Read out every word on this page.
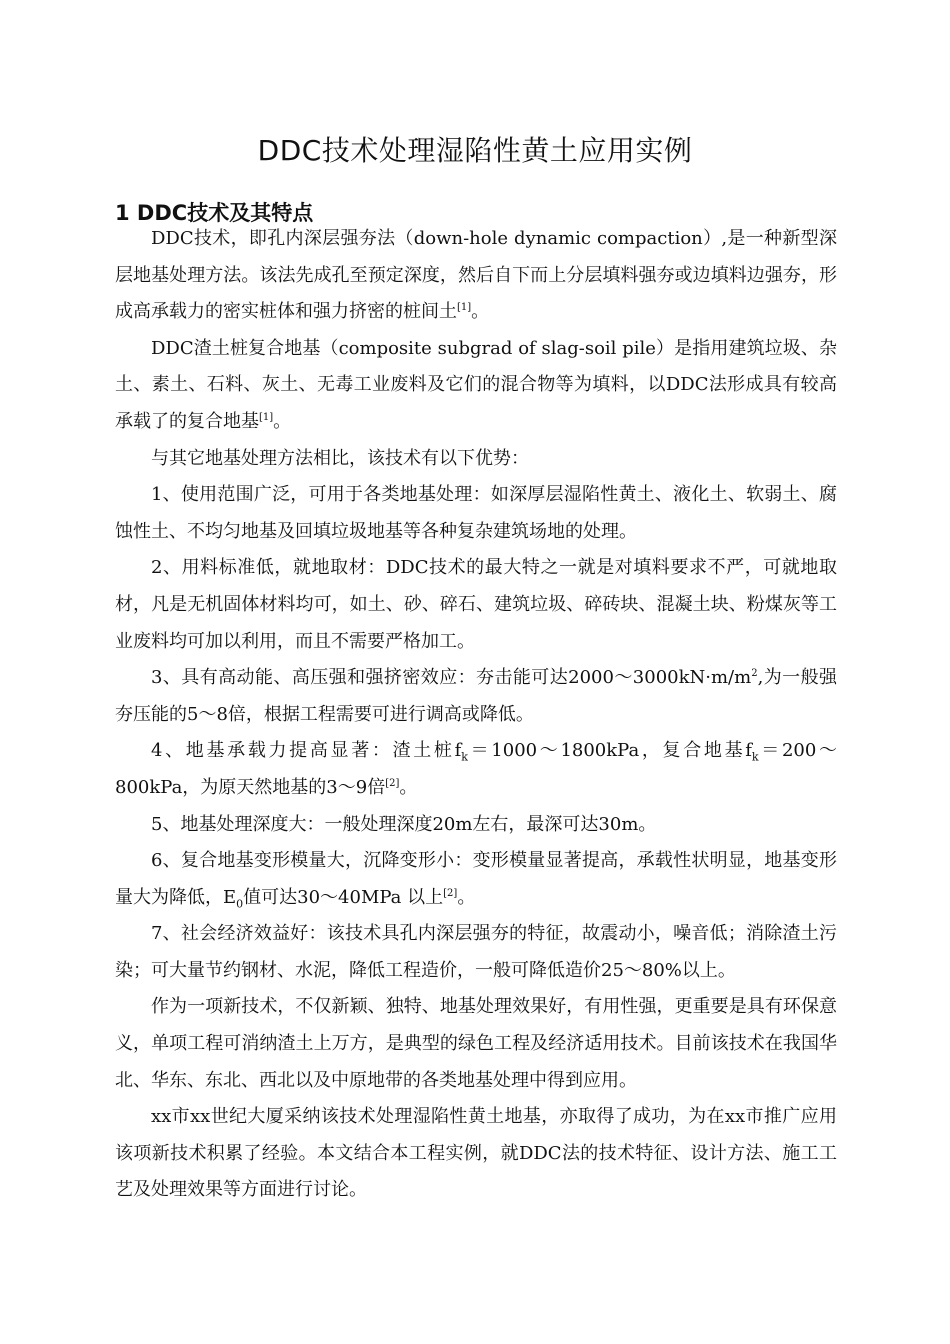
DDC技术处理湿陷性黄土应用实例
1 DDC技术及其特点

DDC技术，即孔内深层强夯法（down-hole dynamic compaction）,是一种新型深层地基处理方法。该法先成孔至预定深度，然后自下而上分层填料强夯或边填料边强夯，形成高承载力的密实桩体和强力挤密的桩间土[1]。

DDC渣土桩复合地基（composite subgrad of slag-soil pile）是指用建筑垃圾、杂土、素土、石料、灰土、无毒工业废料及它们的混合物等为填料，以DDC法形成具有较高承载了的复合地基[1]。

与其它地基处理方法相比，该技术有以下优势：

1、使用范围广泛，可用于各类地基处理：如深厚层湿陷性黄土、液化土、软弱土、腐蚀性土、不均匀地基及回填垃圾地基等各种复杂建筑场地的处理。

2、用料标准低，就地取材：DDC技术的最大特之一就是对填料要求不严，可就地取材，凡是无机固体材料均可，如土、砂、碎石、建筑垃圾、碎砖块、混凝土块、粉煤灰等工业废料均可加以利用，而且不需要严格加工。

3、具有高动能、高压强和强挤密效应：夯击能可达$2000\sim 3000kN\cdot m/m^2$,为一般强夯压能的5～8倍，根据工程需要可进行调高或降低。

4、地基承载力提高显著：渣土桩$f_k=1000\sim 1800kPa$，复合地基$f_k=200\sim 800kPa$，为原天然地基的3～9倍[2]。

5、地基处理深度大：一般处理深度20m左右，最深可达30m。

6、复合地基变形模量大，沉降变形小：变形模量显著提高，承载性状明显，地基变形量大为降低，$E_0$值可达30～40MPa 以上[2]。

7、社会经济效益好：该技术具孔内深层强夯的特征，故震动小，噪音低；消除渣土污染；可大量节约钢材、水泥，降低工程造价，一般可降低造价25～80%以上。

作为一项新技术，不仅新颖、独特、地基处理效果好，有用性强，更重要是具有环保意义，单项工程可消纳渣土上万方，是典型的绿色工程及经济适用技术。目前该技术在我国华北、华东、东北、西北以及中原地带的各类地基处理中得到应用。

xx市xx世纪大厦采纳该技术处理湿陷性黄土地基，亦取得了成功，为在xx市推广应用该项新技术积累了经验。本文结合本工程实例，就DDC法的技术特征、设计方法、施工工艺及处理效果等方面进行讨论。
